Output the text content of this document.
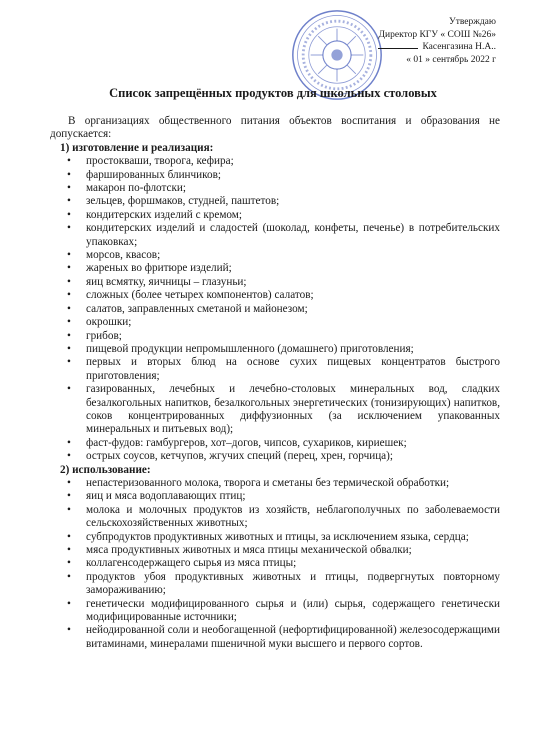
Утверждаю
Директор КГУ « СОШ №26»
Касенгазина Н.А..
« 01 » сентябрь 2022 г
Список запрещённых продуктов для школьных столовых

В организациях общественного питания объектов воспитания и образования не допускается:

1) изготовление и реализация:
• простокваши, творога, кефира;
• фаршированных блинчиков;
• макарон по-флотски;
• зельцев, форшмаков, студней, паштетов;
• кондитерских изделий с кремом;
• кондитерских изделий и сладостей (шоколад, конфеты, печенье) в потребительских упаковках;
• морсов, квасов;
• жареных во фритюре изделий;
• яиц всмятку, яичницы – глазуньи;
• сложных (более четырех компонентов) салатов;
• салатов, заправленных сметаной и майонезом;
• окрошки;
• грибов;
• пищевой продукции непромышленного (домашнего) приготовления;
• первых и вторых блюд на основе сухих пищевых концентратов быстрого приготовления;
• газированных, лечебных и лечебно-столовых минеральных вод, сладких безалкогольных напитков, безалкогольных энергетических (тонизирующих) напитков, соков концентрированных диффузионных (за исключением упакованных минеральных и питьевых вод);
• фаст-фудов: гамбургеров, хот–догов, чипсов, сухариков, кириешек;
• острых соусов, кетчупов, жгучих специй (перец, хрен, горчица);
2) использование:
• непастеризованного молока, творога и сметаны без термической обработки;
• яиц и мяса водоплавающих птиц;
• молока и молочных продуктов из хозяйств, неблагополучных по заболеваемости сельскохозяйственных животных;
• субпродуктов продуктивных животных и птицы, за исключением языка, сердца;
• мяса продуктивных животных и мяса птицы механической обвалки;
• коллагенсодержащего сырья из мяса птицы;
• продуктов убоя продуктивных животных и птицы, подвергнутых повторному замораживанию;
• генетически модифицированного сырья и (или) сырья, содержащего генетически модифицированные источники;
• нейодированной соли и необогащенной (нефортифицированной) железосодержащими витаминами, минералами пшеничной муки высшего и первого сортов.
